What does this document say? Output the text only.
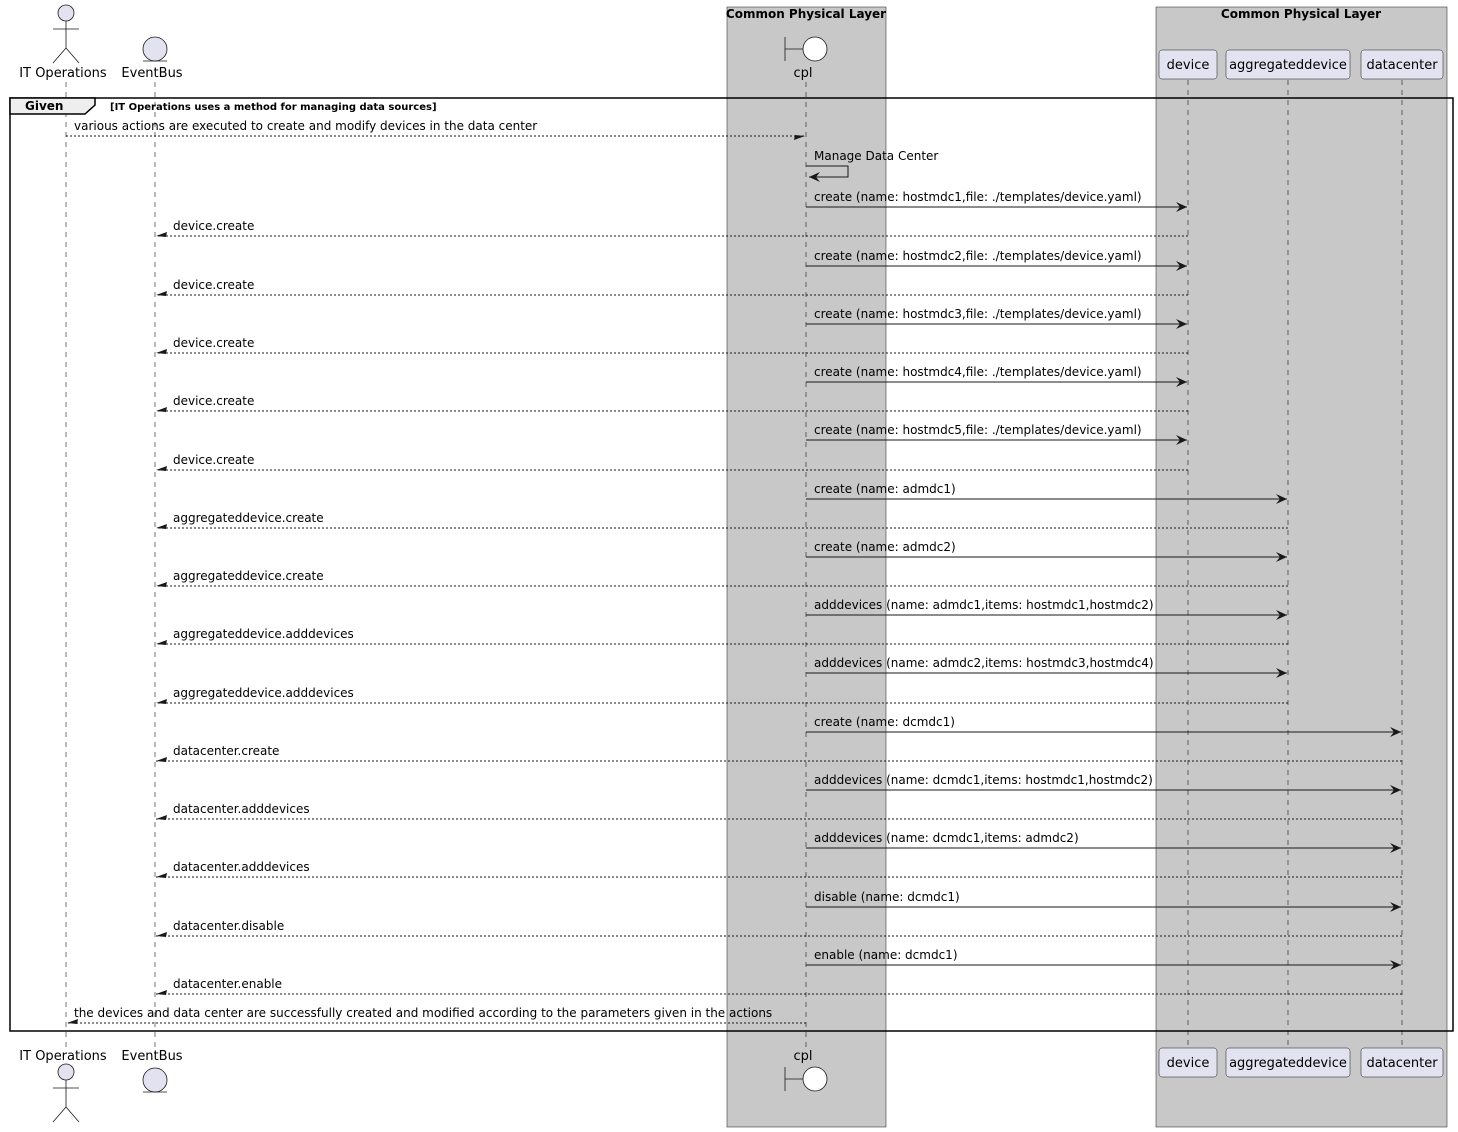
Common Physical Layer	Common Physical Layer
Given	[IT Operations uses a method for managing data sources]
IT Operations
IT Operations
EventBus
EventBus
cpl
cpl
device
device
aggregateddevice
aggregateddevice
datacenter
datacenter
various actions are executed to create and modify devices in the data center
Manage Data Center
create (name: hostmdc1,file: ./templates/device.yaml)
device.create
create (name: hostmdc2,file: ./templates/device.yaml)
device.create
create (name: hostmdc3,file: ./templates/device.yaml)
device.create
create (name: hostmdc4,file: ./templates/device.yaml)
device.create
create (name: hostmdc5,file: ./templates/device.yaml)
device.create
create (name: admdc1)
aggregateddevice.create
create (name: admdc2)
aggregateddevice.create
adddevices (name: admdc1,items: hostmdc1,hostmdc2)
aggregateddevice.adddevices
adddevices (name: admdc2,items: hostmdc3,hostmdc4)
aggregateddevice.adddevices
create (name: dcmdc1)
datacenter.create
adddevices (name: dcmdc1,items: hostmdc1,hostmdc2)
datacenter.adddevices
adddevices (name: dcmdc1,items: admdc2)
datacenter.adddevices
disable (name: dcmdc1)
datacenter.disable
enable (name: dcmdc1)
datacenter.enable
the devices and data center are successfully created and modified according to the parameters given in the actions
